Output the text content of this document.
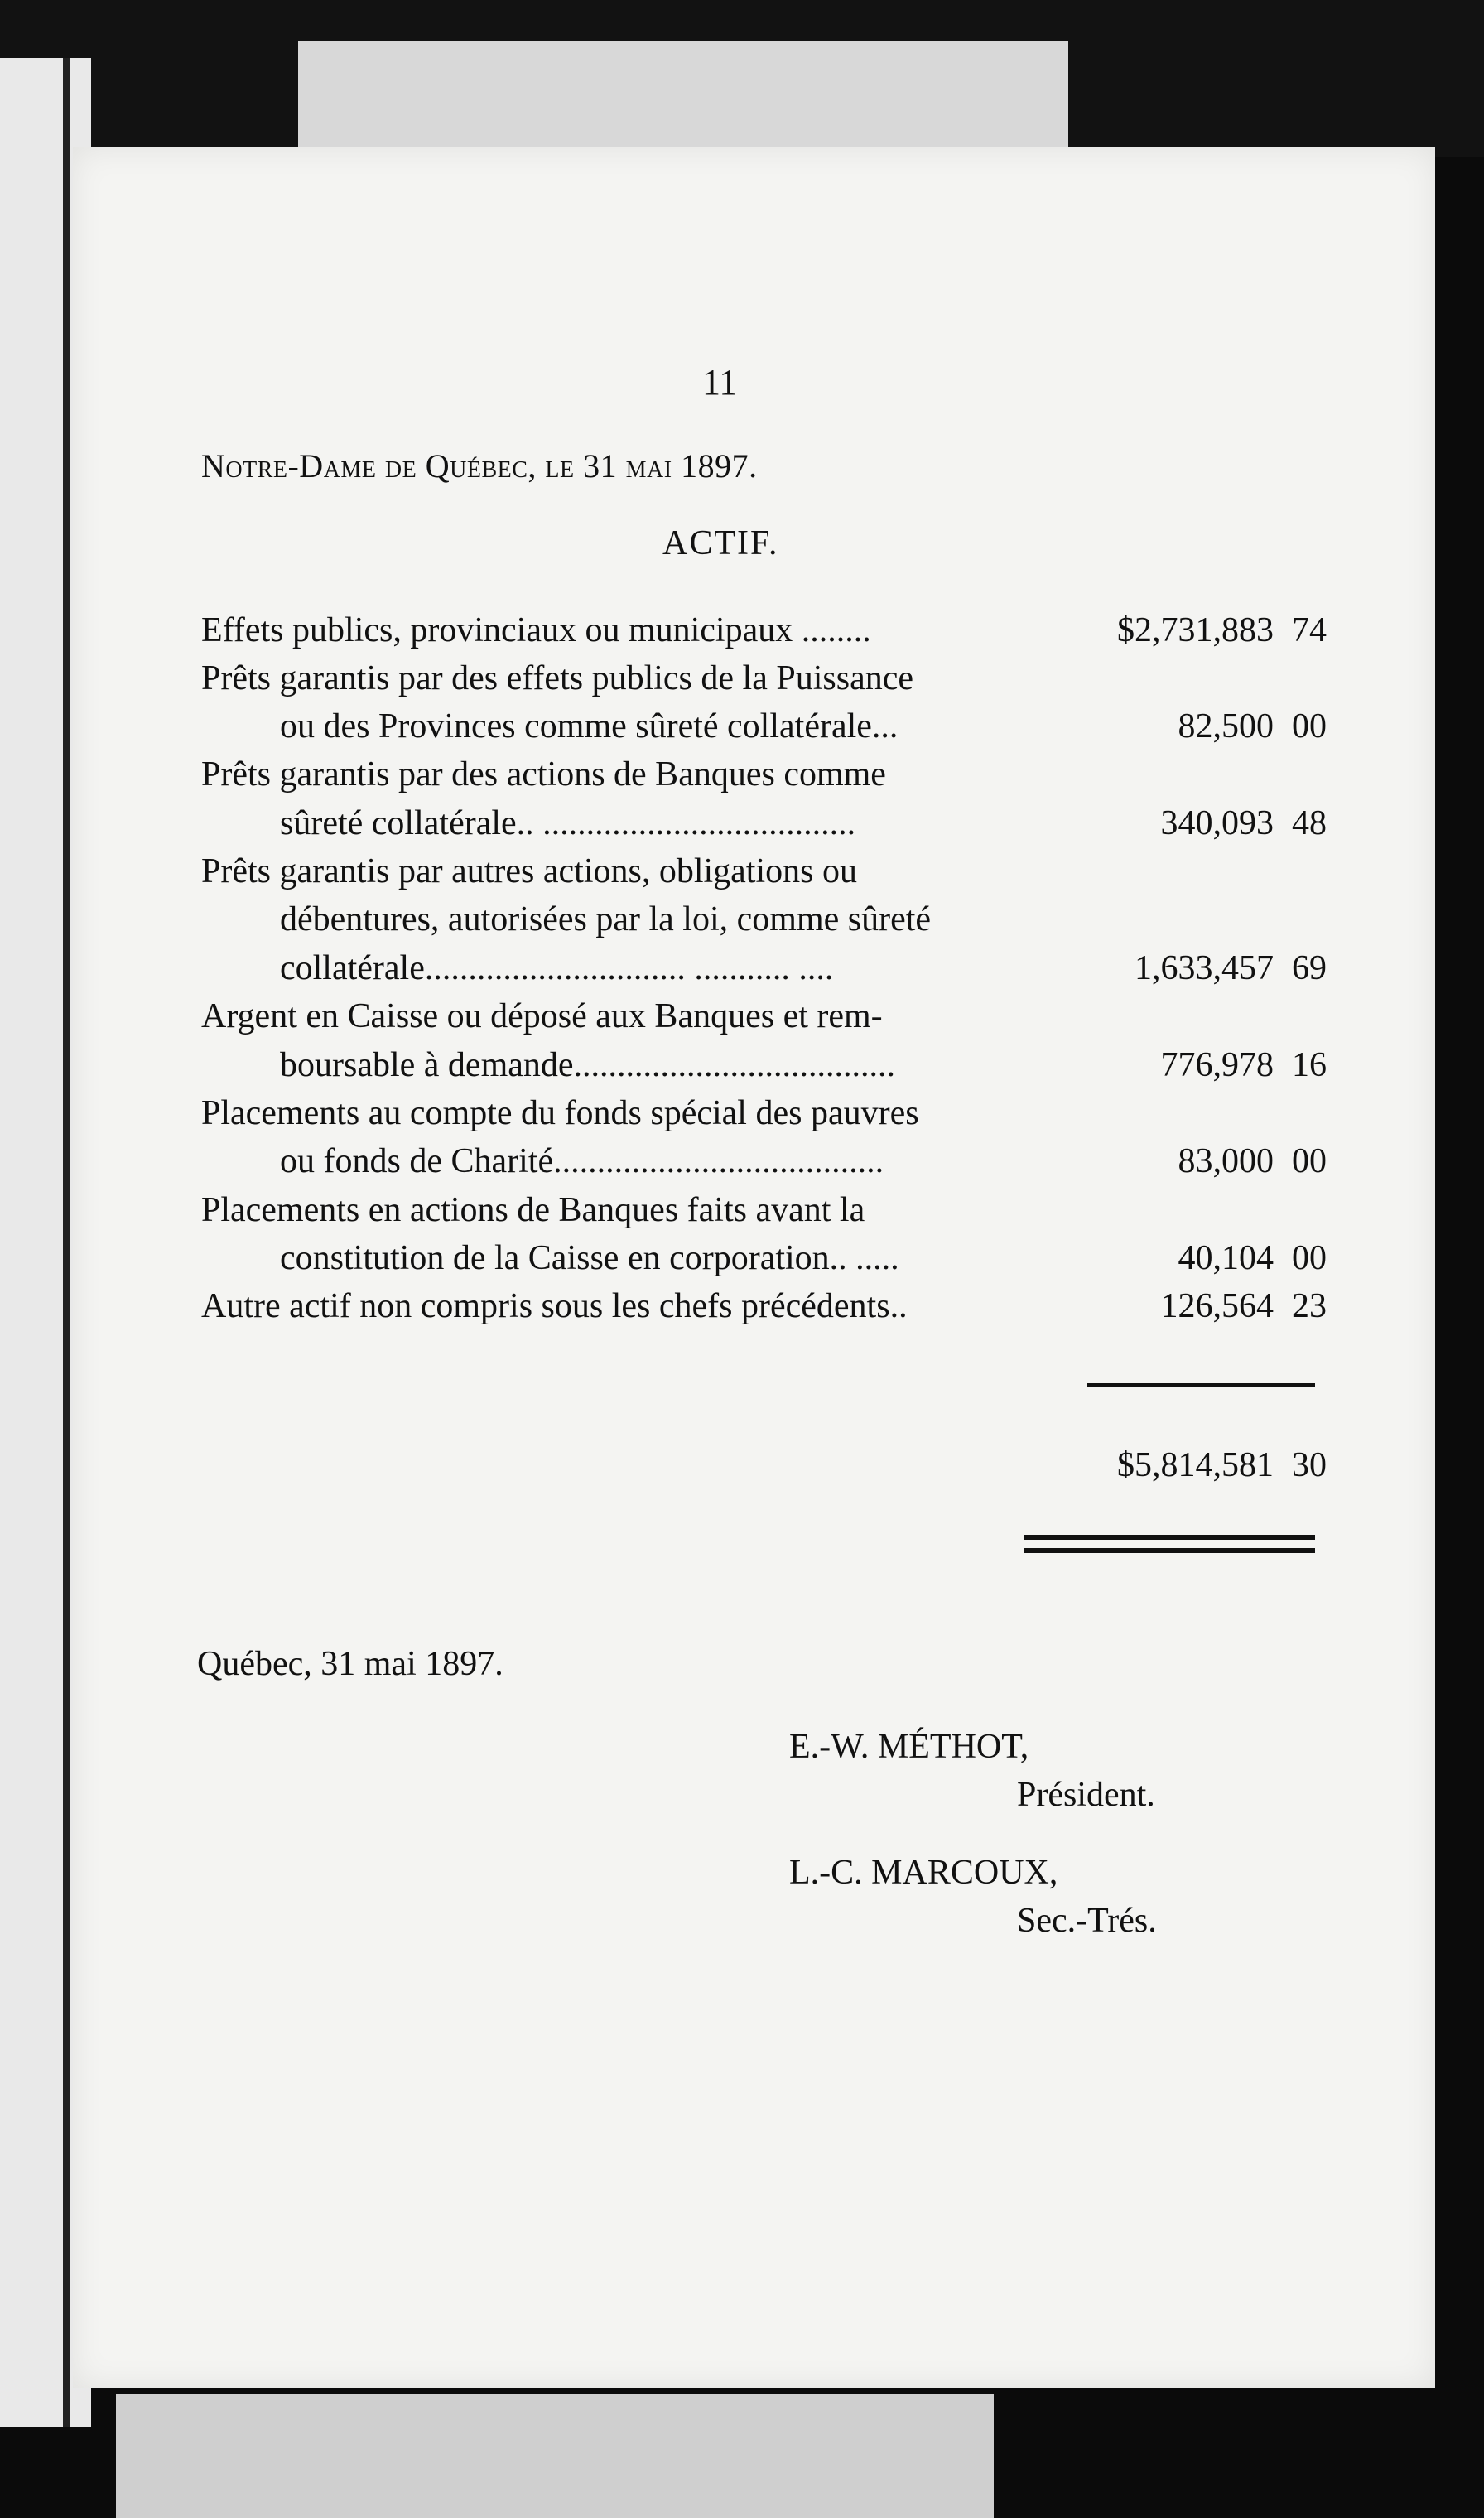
11
Notre-Dame de Québec, le 31 mai 1897.
ACTIF.
Effets publics, provinciaux ou municipaux ........	$2,731,883 74
Prêts garantis par des effets publics de la Puissance
ou des Provinces comme sûreté collatérale...	82,500 00
Prêts garantis par des actions de Banques comme
sûreté collatérale.. ....................................	340,093 48
Prêts garantis par autres actions, obligations ou
débentures, autorisées par la loi, comme sûreté
collatérale.............................. ........... ....	1,633,457 69
Argent en Caisse ou déposé aux Banques et rem-
boursable à demande.....................................	776,978 16
Placements au compte du fonds spécial des pauvres
ou fonds de Charité......................................	83,000 00
Placements en actions de Banques faits avant la
constitution de la Caisse en corporation.. .....	40,104 00
Autre actif non compris sous les chefs précédents..	126,564 23
$5,814,581 30
Québec, 31 mai 1897.
E.-W. MÉTHOT,
Président.
L.-C. MARCOUX,
Sec.-Trés.
